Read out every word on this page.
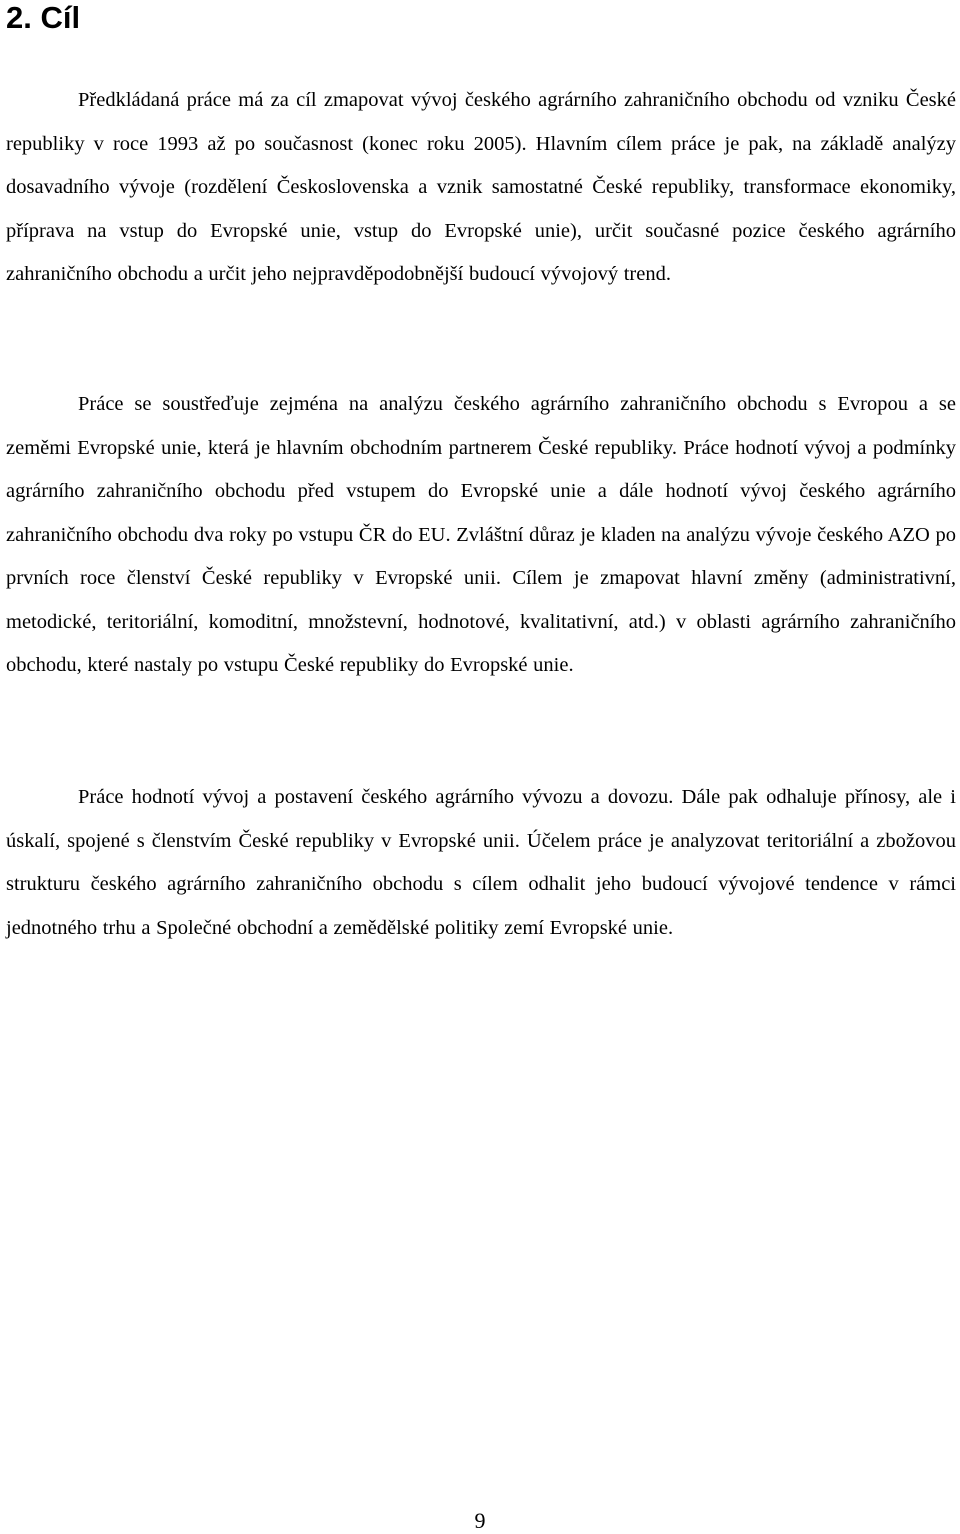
2. Cíl

Předkládaná práce má za cíl zmapovat vývoj českého agrárního zahraničního obchodu od vzniku České republiky v roce 1993 až po současnost (konec roku 2005). Hlavním cílem práce je pak, na základě analýzy dosavadního vývoje (rozdělení Československa a vznik samostatné České republiky, transformace ekonomiky, příprava na vstup do Evropské unie, vstup do Evropské unie), určit současné pozice českého agrárního zahraničního obchodu a určit jeho nejpravděpodobnější budoucí vývojový trend.

Práce se soustřeďuje zejména na analýzu českého agrárního zahraničního obchodu s Evropou a se zeměmi Evropské unie, která je hlavním obchodním partnerem České republiky. Práce hodnotí vývoj a podmínky agrárního zahraničního obchodu před vstupem do Evropské unie a dále hodnotí vývoj českého agrárního zahraničního obchodu dva roky po vstupu ČR do EU. Zvláštní důraz je kladen na analýzu vývoje českého AZO po prvních roce členství České republiky v Evropské unii. Cílem je zmapovat hlavní změny (administrativní, metodické, teritoriální, komoditní, množstevní, hodnotové, kvalitativní, atd.) v oblasti agrárního zahraničního obchodu, které nastaly po vstupu České republiky do Evropské unie.

Práce hodnotí vývoj a postavení českého agrárního vývozu a dovozu. Dále pak odhaluje přínosy, ale i úskalí, spojené s členstvím České republiky v Evropské unii. Účelem práce je analyzovat teritoriální a zbožovou strukturu českého agrárního zahraničního obchodu s cílem odhalit jeho budoucí vývojové tendence v rámci jednotného trhu a Společné obchodní a zemědělské politiky zemí Evropské unie.

9
